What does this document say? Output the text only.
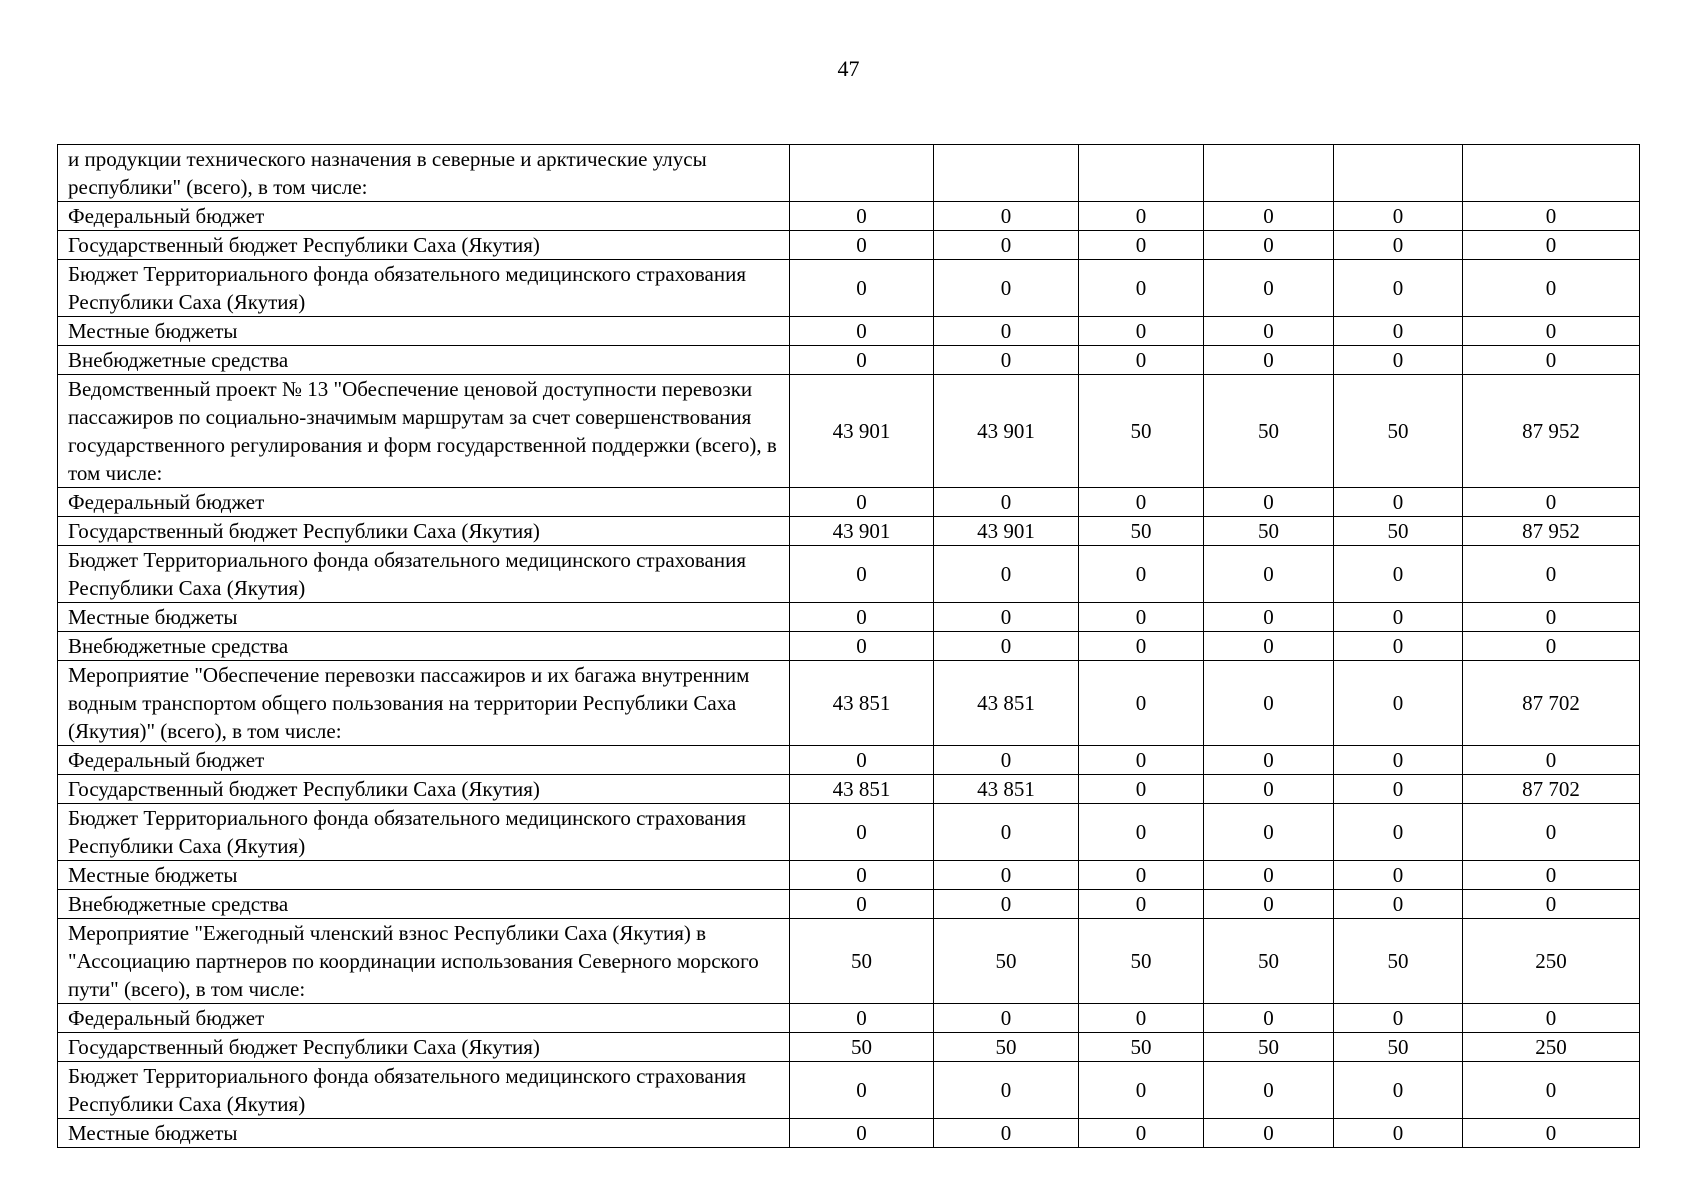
47
и продукции технического назначения в северные и арктические улусы республики" (всего), в том числе:						
Федеральный бюджет	0	0	0	0	0	0
Государственный бюджет Республики Саха (Якутия)	0	0	0	0	0	0
Бюджет Территориального фонда обязательного медицинского страхования Республики Саха (Якутия)	0	0	0	0	0	0
Местные бюджеты	0	0	0	0	0	0
Внебюджетные средства	0	0	0	0	0	0
Ведомственный проект № 13 "Обеспечение ценовой доступности перевозки пассажиров по социально-значимым маршрутам за счет совершенствования государственного регулирования и форм государственной поддержки (всего), в том числе:	43 901	43 901	50	50	50	87 952
Федеральный бюджет	0	0	0	0	0	0
Государственный бюджет Республики Саха (Якутия)	43 901	43 901	50	50	50	87 952
Бюджет Территориального фонда обязательного медицинского страхования Республики Саха (Якутия)	0	0	0	0	0	0
Местные бюджеты	0	0	0	0	0	0
Внебюджетные средства	0	0	0	0	0	0
Мероприятие "Обеспечение перевозки пассажиров и их багажа внутренним водным транспортом общего пользования на территории Республики Саха (Якутия)" (всего), в том числе:	43 851	43 851	0	0	0	87 702
Федеральный бюджет	0	0	0	0	0	0
Государственный бюджет Республики Саха (Якутия)	43 851	43 851	0	0	0	87 702
Бюджет Территориального фонда обязательного медицинского страхования Республики Саха (Якутия)	0	0	0	0	0	0
Местные бюджеты	0	0	0	0	0	0
Внебюджетные средства	0	0	0	0	0	0
Мероприятие "Ежегодный членский взнос Республики Саха (Якутия) в "Ассоциацию партнеров по координации использования Северного морского пути" (всего), в том числе:	50	50	50	50	50	250
Федеральный бюджет	0	0	0	0	0	0
Государственный бюджет Республики Саха (Якутия)	50	50	50	50	50	250
Бюджет Территориального фонда обязательного медицинского страхования Республики Саха (Якутия)	0	0	0	0	0	0
Местные бюджеты	0	0	0	0	0	0
